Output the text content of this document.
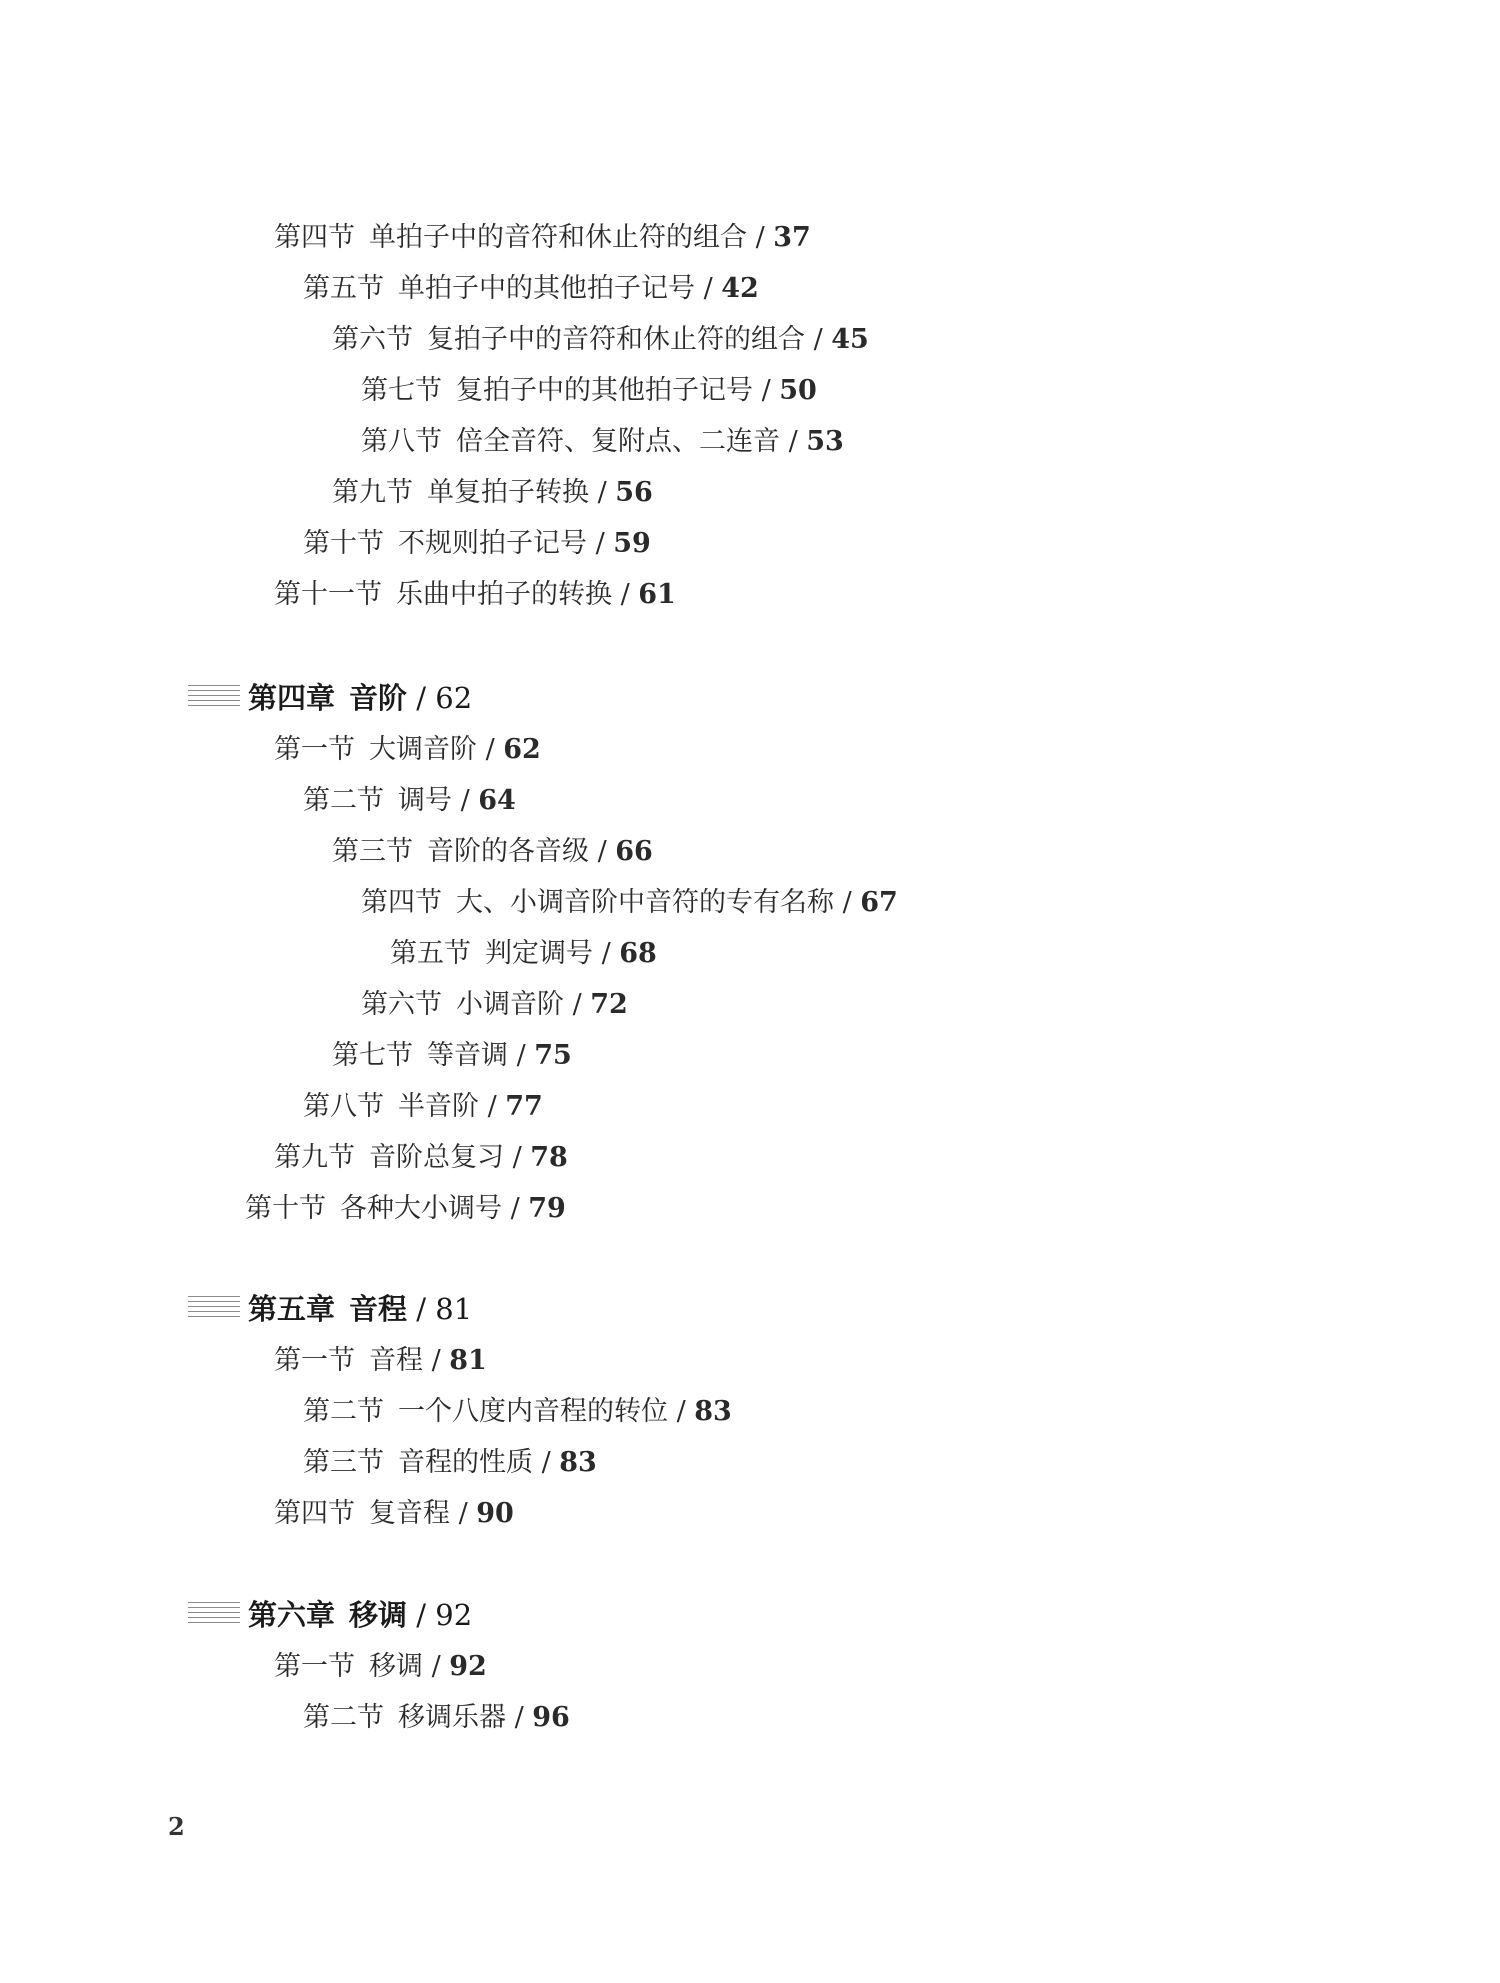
第四节 单拍子中的音符和休止符的组合 / 37
第五节 单拍子中的其他拍子记号 / 42
第六节 复拍子中的音符和休止符的组合 / 45
第七节 复拍子中的其他拍子记号 / 50
第八节 倍全音符、复附点、二连音 / 53
第九节 单复拍子转换 / 56
第十节 不规则拍子记号 / 59
第十一节 乐曲中拍子的转换 / 61
第四章 音阶 / 62
第一节 大调音阶 / 62
第二节 调号 / 64
第三节 音阶的各音级 / 66
第四节 大、小调音阶中音符的专有名称 / 67
第五节 判定调号 / 68
第六节 小调音阶 / 72
第七节 等音调 / 75
第八节 半音阶 / 77
第九节 音阶总复习 / 78
第十节 各种大小调号 / 79
第五章 音程 / 81
第一节 音程 / 81
第二节 一个八度内音程的转位 / 83
第三节 音程的性质 / 83
第四节 复音程 / 90
第六章 移调 / 92
第一节 移调 / 92
第二节 移调乐器 / 96
2
